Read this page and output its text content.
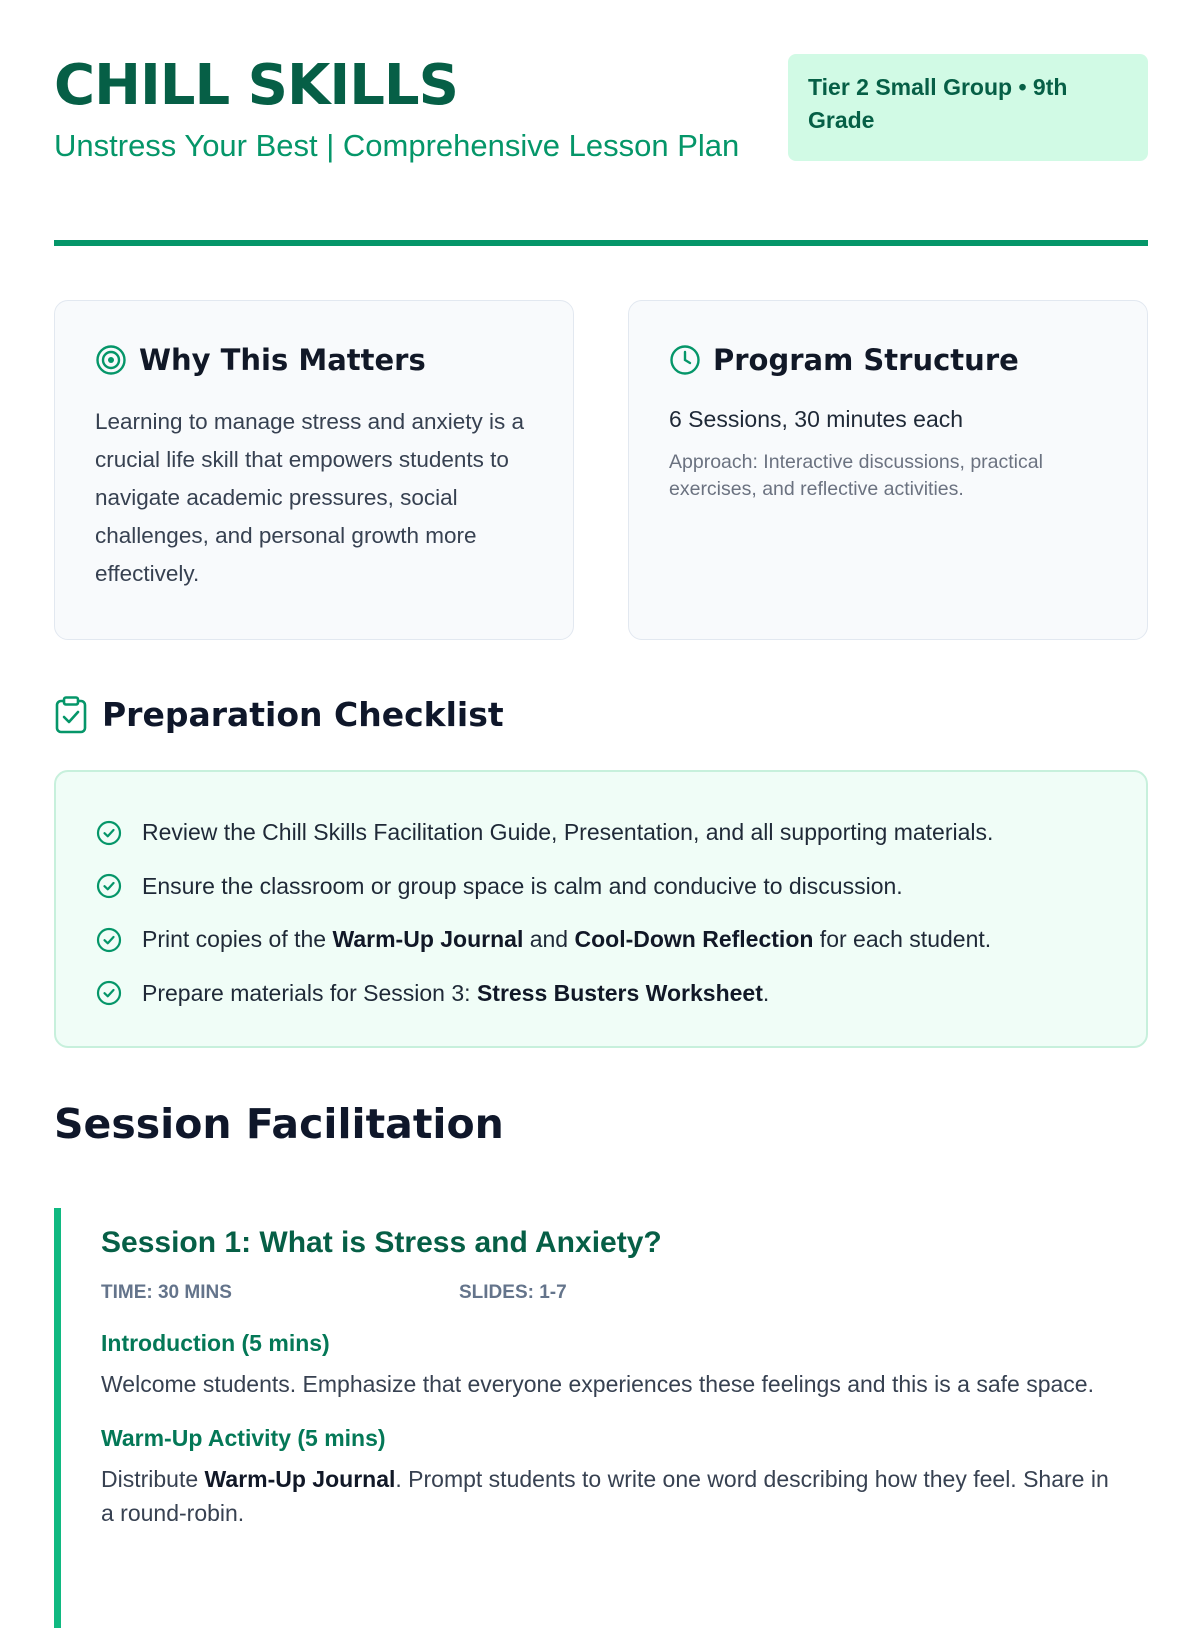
CHILL SKILLS

Unstress Your Best | Comprehensive Lesson Plan

Tier 2 Small Group • 9th Grade
Why This Matters

Learning to manage stress and anxiety is a crucial life skill that empowers students to navigate academic pressures, social challenges, and personal growth more effectively.

Program Structure

6 Sessions, 30 minutes each

Approach: Interactive discussions, practical exercises, and reflective activities.

Preparation Checklist
Review the Chill Skills Facilitation Guide, Presentation, and all supporting materials.
Ensure the classroom or group space is calm and conducive to discussion.
Print copies of the Warm-Up Journal and Cool-Down Reflection for each student.
Prepare materials for Session 3: Stress Busters Worksheet.
Session Facilitation
Session 1: What is Stress and Anxiety?
TIME: 30 MINS	SLIDES: 1-7
Introduction (5 mins)

Welcome students. Emphasize that everyone experiences these feelings and this is a safe space.

Warm-Up Activity (5 mins)

Distribute Warm-Up Journal. Prompt students to write one word describing how they feel. Share in a round-robin.
